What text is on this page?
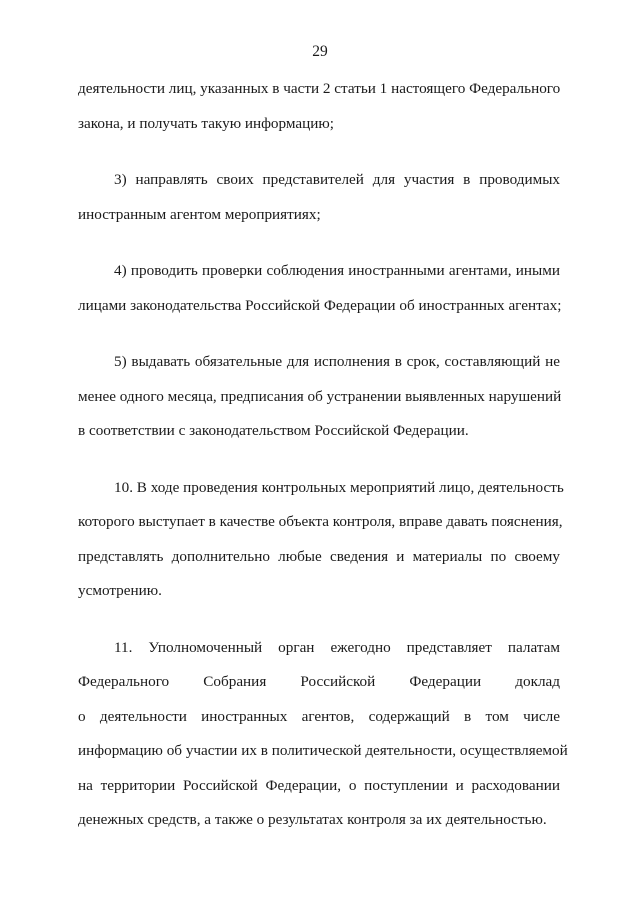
29
деятельности лиц, указанных в части 2 статьи 1 настоящего Федерального
закона, и получать такую информацию;
3) направлять своих представителей для участия в проводимых
иностранным агентом мероприятиях;
4) проводить проверки соблюдения иностранными агентами, иными
лицами законодательства Российской Федерации об иностранных агентах;
5) выдавать обязательные для исполнения в срок, составляющий не
менее одного месяца, предписания об устранении выявленных нарушений
в соответствии с законодательством Российской Федерации.
10. В ходе проведения контрольных мероприятий лицо, деятельность
которого выступает в качестве объекта контроля, вправе давать пояснения,
представлять дополнительно любые сведения и материалы по своему
усмотрению.
11. Уполномоченный орган ежегодно представляет палатам
Федерального Собрания Российской Федерации доклад
о деятельности иностранных агентов, содержащий в том числе
информацию об участии их в политической деятельности, осуществляемой
на территории Российской Федерации, о поступлении и расходовании
денежных средств, а также о результатах контроля за их деятельностью.
